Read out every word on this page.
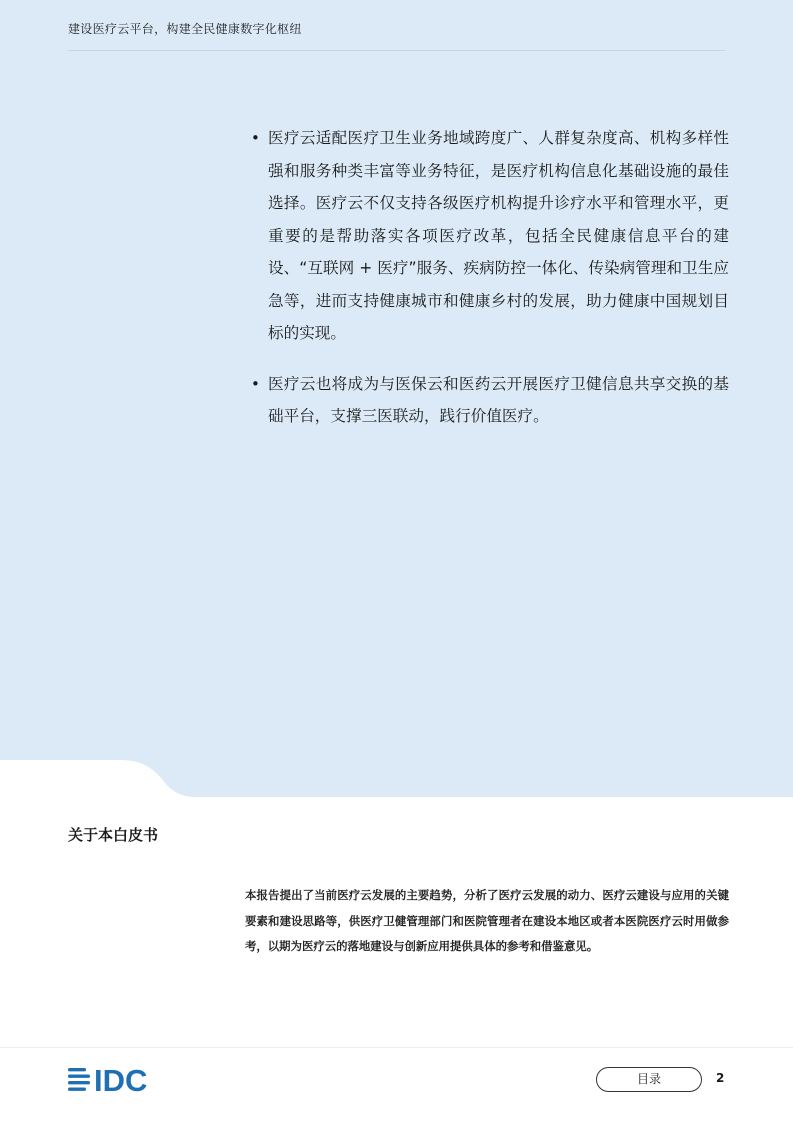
建设医疗云平台，构建全民健康数字化枢纽
• 医疗云适配医疗卫生业务地域跨度广、人群复杂度高、机构多样性强和服务种类丰富等业务特征，是医疗机构信息化基础设施的最佳选择。医疗云不仅支持各级医疗机构提升诊疗水平和管理水平，更重要的是帮助落实各项医疗改革，包括全民健康信息平台的建设、“互联网 + 医疗”服务、疾病防控一体化、传染病管理和卫生应急等，进而支持健康城市和健康乡村的发展，助力健康中国规划目标的实现。
• 医疗云也将成为与医保云和医药云开展医疗卫健信息共享交换的基础平台，支撑三医联动，践行价值医疗。
关于本白皮书
本报告提出了当前医疗云发展的主要趋势，分析了医疗云发展的动力、医疗云建设与应用的关键要素和建设思路等，供医疗卫健管理部门和医院管理者在建设本地区或者本医院医疗云时用做参考，以期为医疗云的落地建设与创新应用提供具体的参考和借鉴意见。
IDC	目录	2
